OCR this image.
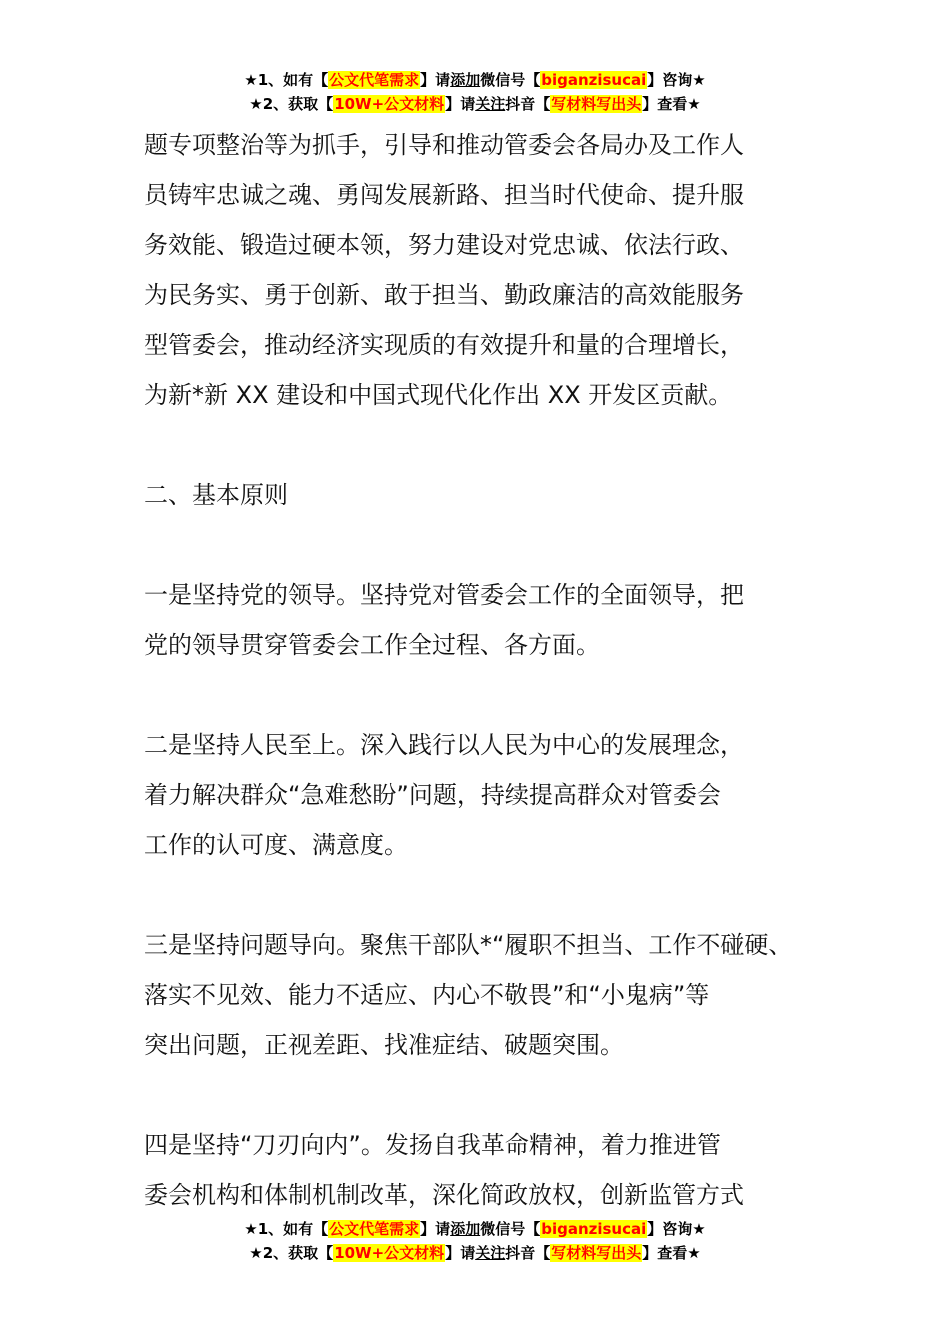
★1、如有【公文代笔需求】请添加微信号【biganzisucai】咨询★
★2、获取【10W+公文材料】请关注抖音【写材料写出头】查看★

题专项整治等为抓手，引导和推动管委会各局办及工作人

员铸牢忠诚之魂、勇闯发展新路、担当时代使命、提升服

务效能、锻造过硬本领，努力建设对党忠诚、依法行政、

为民务实、勇于创新、敢于担当、勤政廉洁的高效能服务

型管委会，推动经济实现质的有效提升和量的合理增长，

为新*新 XX 建设和中国式现代化作出 XX 开发区贡献。

二、基本原则

一是坚持党的领导。坚持党对管委会工作的全面领导，把

党的领导贯穿管委会工作全过程、各方面。

二是坚持人民至上。深入践行以人民为中心的发展理念，

着力解决群众“急难愁盼”问题，持续提高群众对管委会

工作的认可度、满意度。

三是坚持问题导向。聚焦干部队*“履职不担当、工作不碰硬、

落实不见效、能力不适应、内心不敬畏”和“小鬼病”等

突出问题，正视差距、找准症结、破题突围。

四是坚持“刀刃向内”。发扬自我革命精神，着力推进管

委会机构和体制机制改革，深化简政放权，创新监管方式

★1、如有【公文代笔需求】请添加微信号【biganzisucai】咨询★
★2、获取【10W+公文材料】请关注抖音【写材料写出头】查看★
